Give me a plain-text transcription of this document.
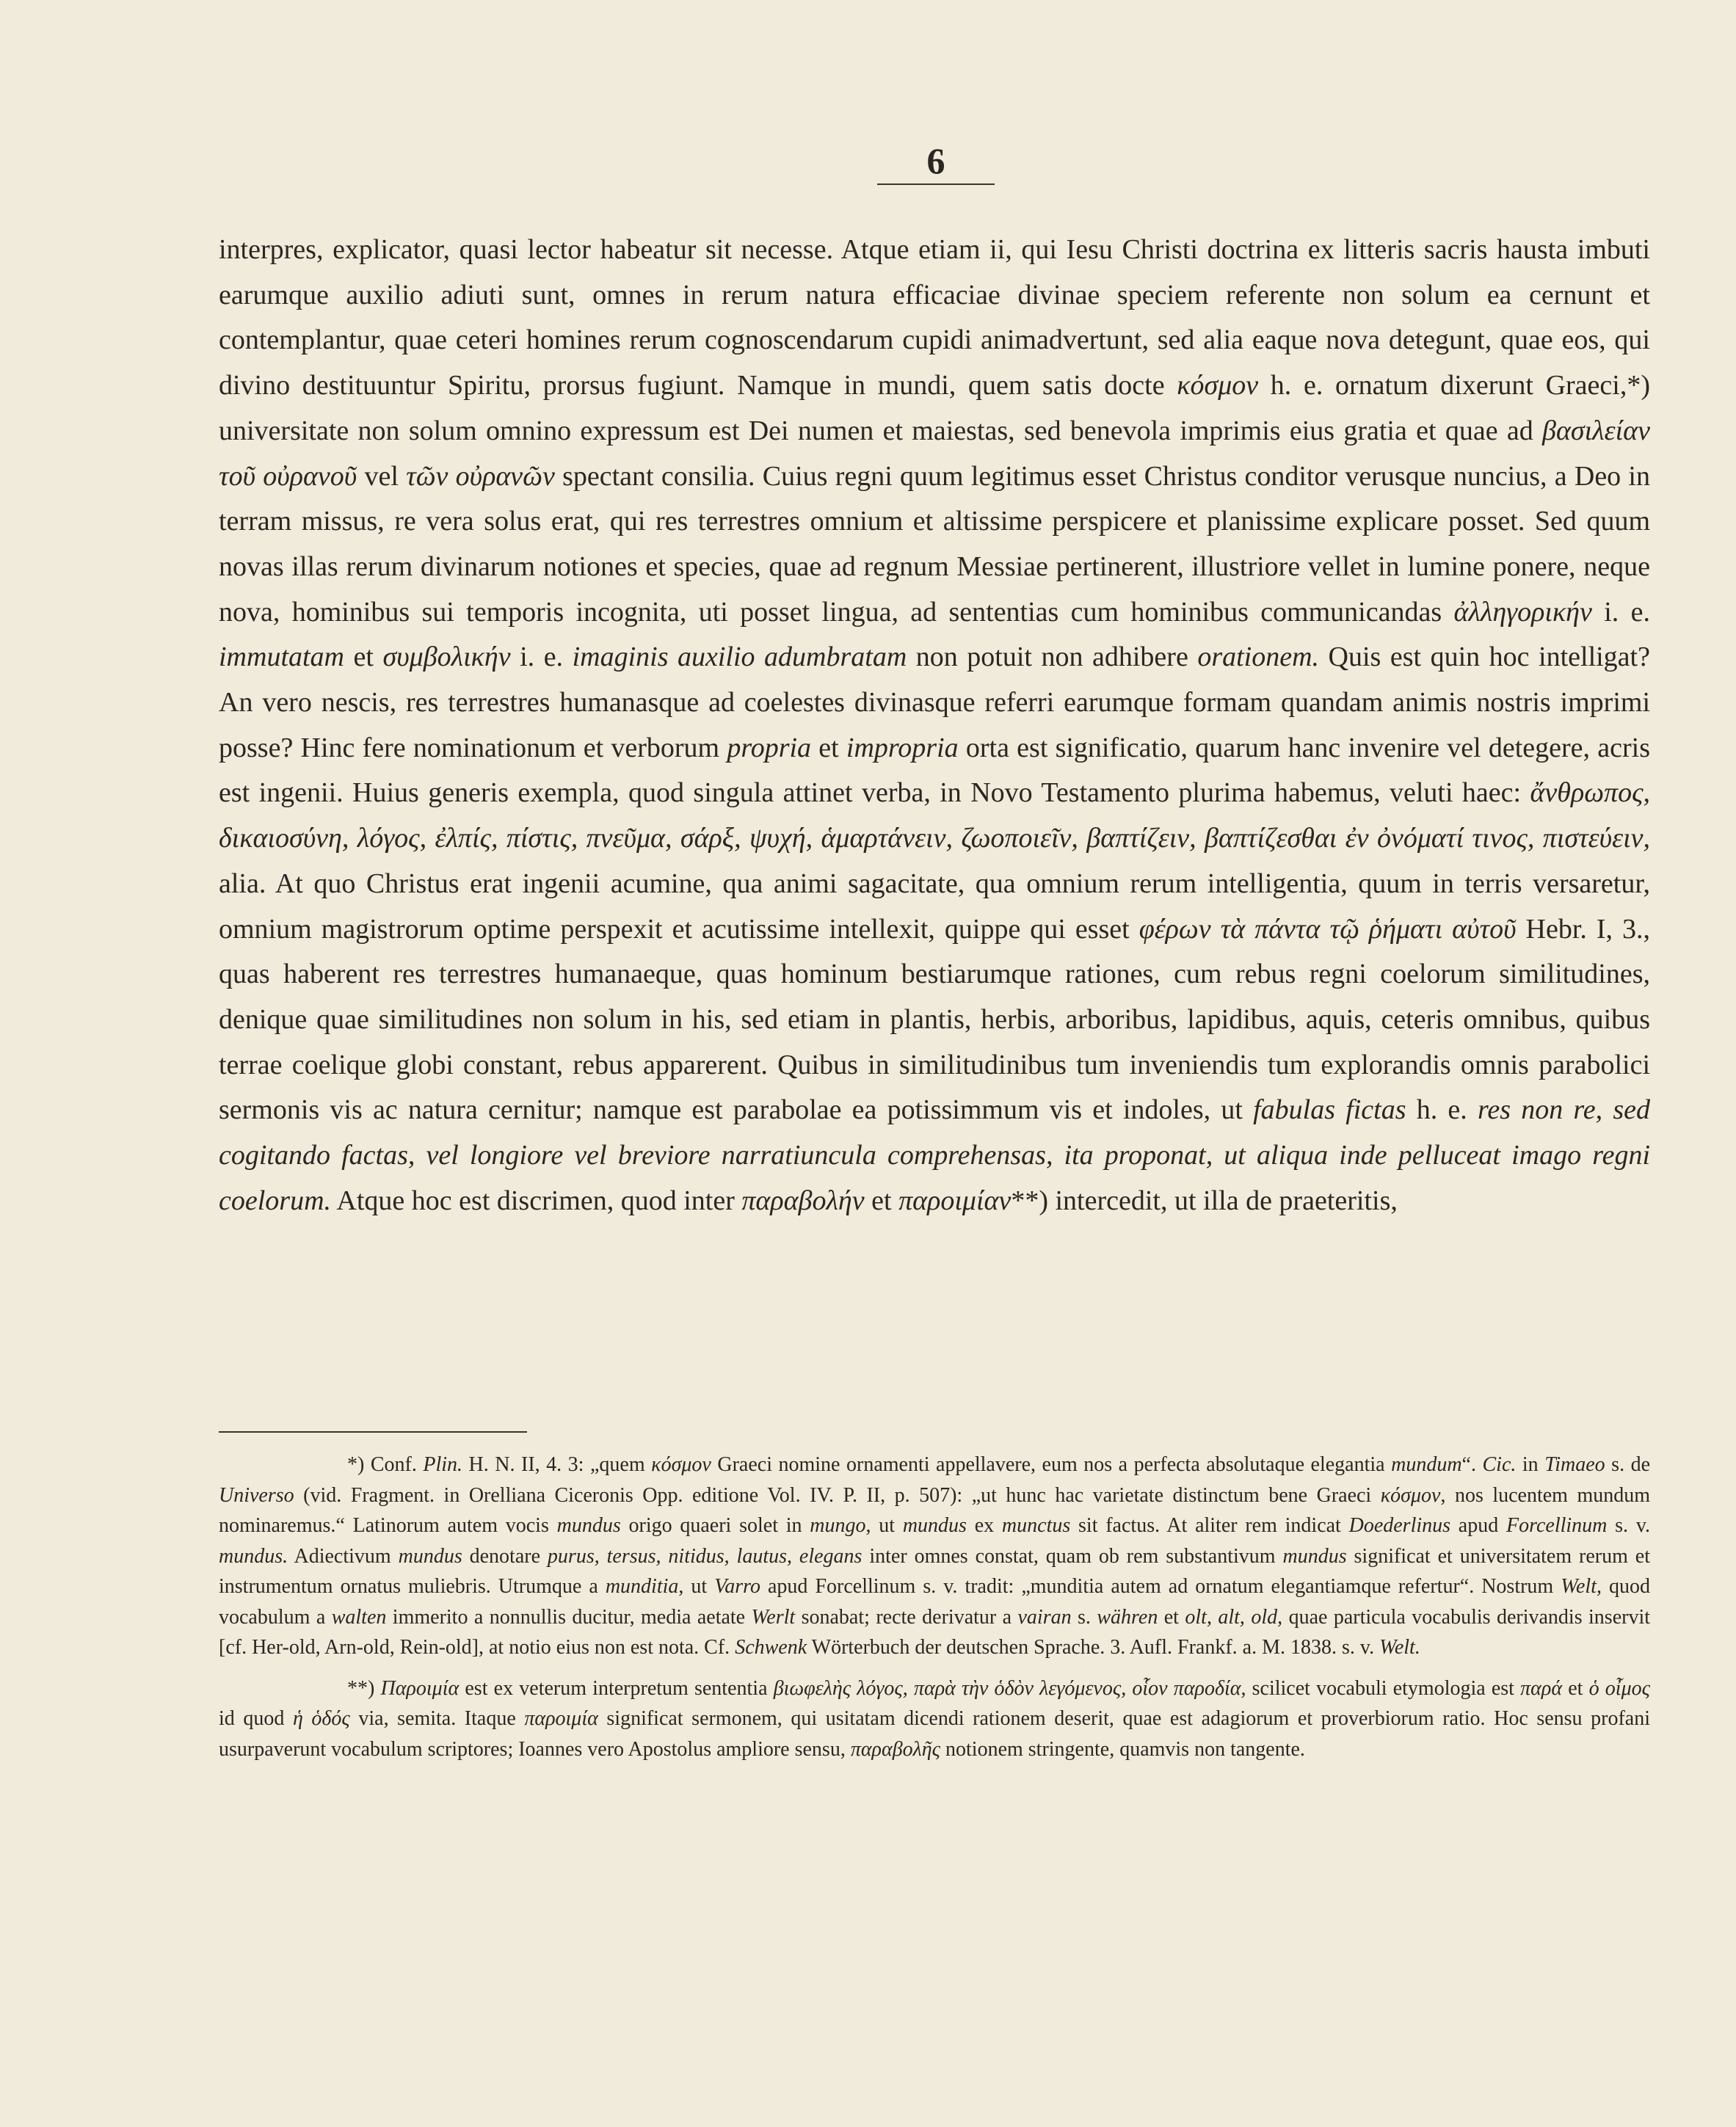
6

interpres, explicator, quasi lector habeatur sit necesse. Atque etiam ii, qui Iesu Christi doctrina ex litteris sacris hausta imbuti earumque auxilio adiuti sunt, omnes in rerum natura efficaciae divinae speciem referente non solum ea cernunt et contemplantur, quae ceteri homines rerum cognoscendarum cupidi animadvertunt, sed alia eaque nova detegunt, quae eos, qui divino destituuntur Spiritu, prorsus fugiunt. Namque in mundi, quem satis docte κόσμον h. e. ornatum dixerunt Graeci,*) universitate non solum omnino expressum est Dei numen et maiestas, sed benevola imprimis eius gratia et quae ad βασιλείαν τοῦ οὐρανοῦ vel τῶν οὐρανῶν spectant consilia. Cuius regni quum legitimus esset Christus conditor verusque nuncius, a Deo in terram missus, re vera solus erat, qui res terrestres omnium et altissime perspicere et planissime explicare posset. Sed quum novas illas rerum divinarum notiones et species, quae ad regnum Messiae pertinerent, illustriore vellet in lumine ponere, neque nova, hominibus sui temporis incognita, uti posset lingua, ad sententias cum hominibus communicandas ἀλληγορικήν i. e. immutatam et συμβολικήν i. e. imaginis auxilio adumbratam non potuit non adhibere orationem. Quis est quin hoc intelligat? An vero nescis, res terrestres humanasque ad coelestes divinasque referri earumque formam quandam animis nostris imprimi posse? Hinc fere nominationum et verborum propria et impropria orta est significatio, quarum hanc invenire vel detegere, acris est ingenii. Huius generis exempla, quod singula attinet verba, in Novo Testamento plurima habemus, veluti haec: ἄνθρωπος, δικαιοσύνη, λόγος, ἐλπίς, πίστις, πνεῦμα, σάρξ, ψυχή, ἁμαρτάνειν, ζωοποιεῖν, βαπτίζειν, βαπτίζεσθαι ἐν ὀνόματί τινος, πιστεύειν, alia. At quo Christus erat ingenii acumine, qua animi sagacitate, qua omnium rerum intelligentia, quum in terris versaretur, omnium magistrorum optime perspexit et acutissime intellexit, quippe qui esset φέρων τὰ πάντα τῷ ῥήματι αὐτοῦ Hebr. I, 3., quas haberent res terrestres humanaeque, quas hominum bestiarumque rationes, cum rebus regni coelorum similitudines, denique quae similitudines non solum in his, sed etiam in plantis, herbis, arboribus, lapidibus, aquis, ceteris omnibus, quibus terrae coelique globi constant, rebus apparerent. Quibus in similitudinibus tum inveniendis tum explorandis omnis parabolici sermonis vis ac natura cernitur; namque est parabolae ea potissimmum vis et indoles, ut fabulas fictas h. e. res non re, sed cogitando factas, vel longiore vel breviore narratiuncula comprehensas, ita proponat, ut aliqua inde pelluceat imago regni coelorum. Atque hoc est discrimen, quod inter παραβολήν et παροιμίαν**) intercedit, ut illa de praeteritis,

*) Conf. Plin. H. N. II, 4. 3: „quem κόσμον Graeci nomine ornamenti appellavere, eum nos a perfecta absolutaque elegantia mundum“. Cic. in Timaeo s. de Universo (vid. Fragment. in Orelliana Ciceronis Opp. editione Vol. IV. P. II, p. 507): „ut hunc hac varietate distinctum bene Graeci κόσμον, nos lucentem mundum nominaremus.“ Latinorum autem vocis mundus origo quaeri solet in mungo, ut mundus ex munctus sit factus. At aliter rem indicat Doederlinus apud Forcellinum s. v. mundus. Adiectivum mundus denotare purus, tersus, nitidus, lautus, elegans inter omnes constat, quam ob rem substantivum mundus significat et universitatem rerum et instrumentum ornatus muliebris. Utrumque a munditia, ut Varro apud Forcellinum s. v. tradit: „munditia autem ad ornatum elegantiamque refertur“. Nostrum Welt, quod vocabulum a walten immerito a nonnullis ducitur, media aetate Werlt sonabat; recte derivatur a vairan s. währen et olt, alt, old, quae particula vocabulis derivandis inservit [cf. Her-old, Arn-old, Rein-old], at notio eius non est nota. Cf. Schwenk Wörterbuch der deutschen Sprache. 3. Aufl. Frankf. a. M. 1838. s. v. Welt.

**) Παροιμία est ex veterum interpretum sententia βιωφελὴς λόγος, παρὰ τὴν ὁδὸν λεγόμενος, οἷον παροδία, scilicet vocabuli etymologia est παρά et ὁ οἶμος id quod ἡ ὁδός via, semita. Itaque παροιμία significat sermonem, qui usitatam dicendi rationem deserit, quae est adagiorum et proverbiorum ratio. Hoc sensu profani usurpaverunt vocabulum scriptores; Ioannes vero Apostolus ampliore sensu, παραβολῆς notionem stringente, quamvis non tangente.
